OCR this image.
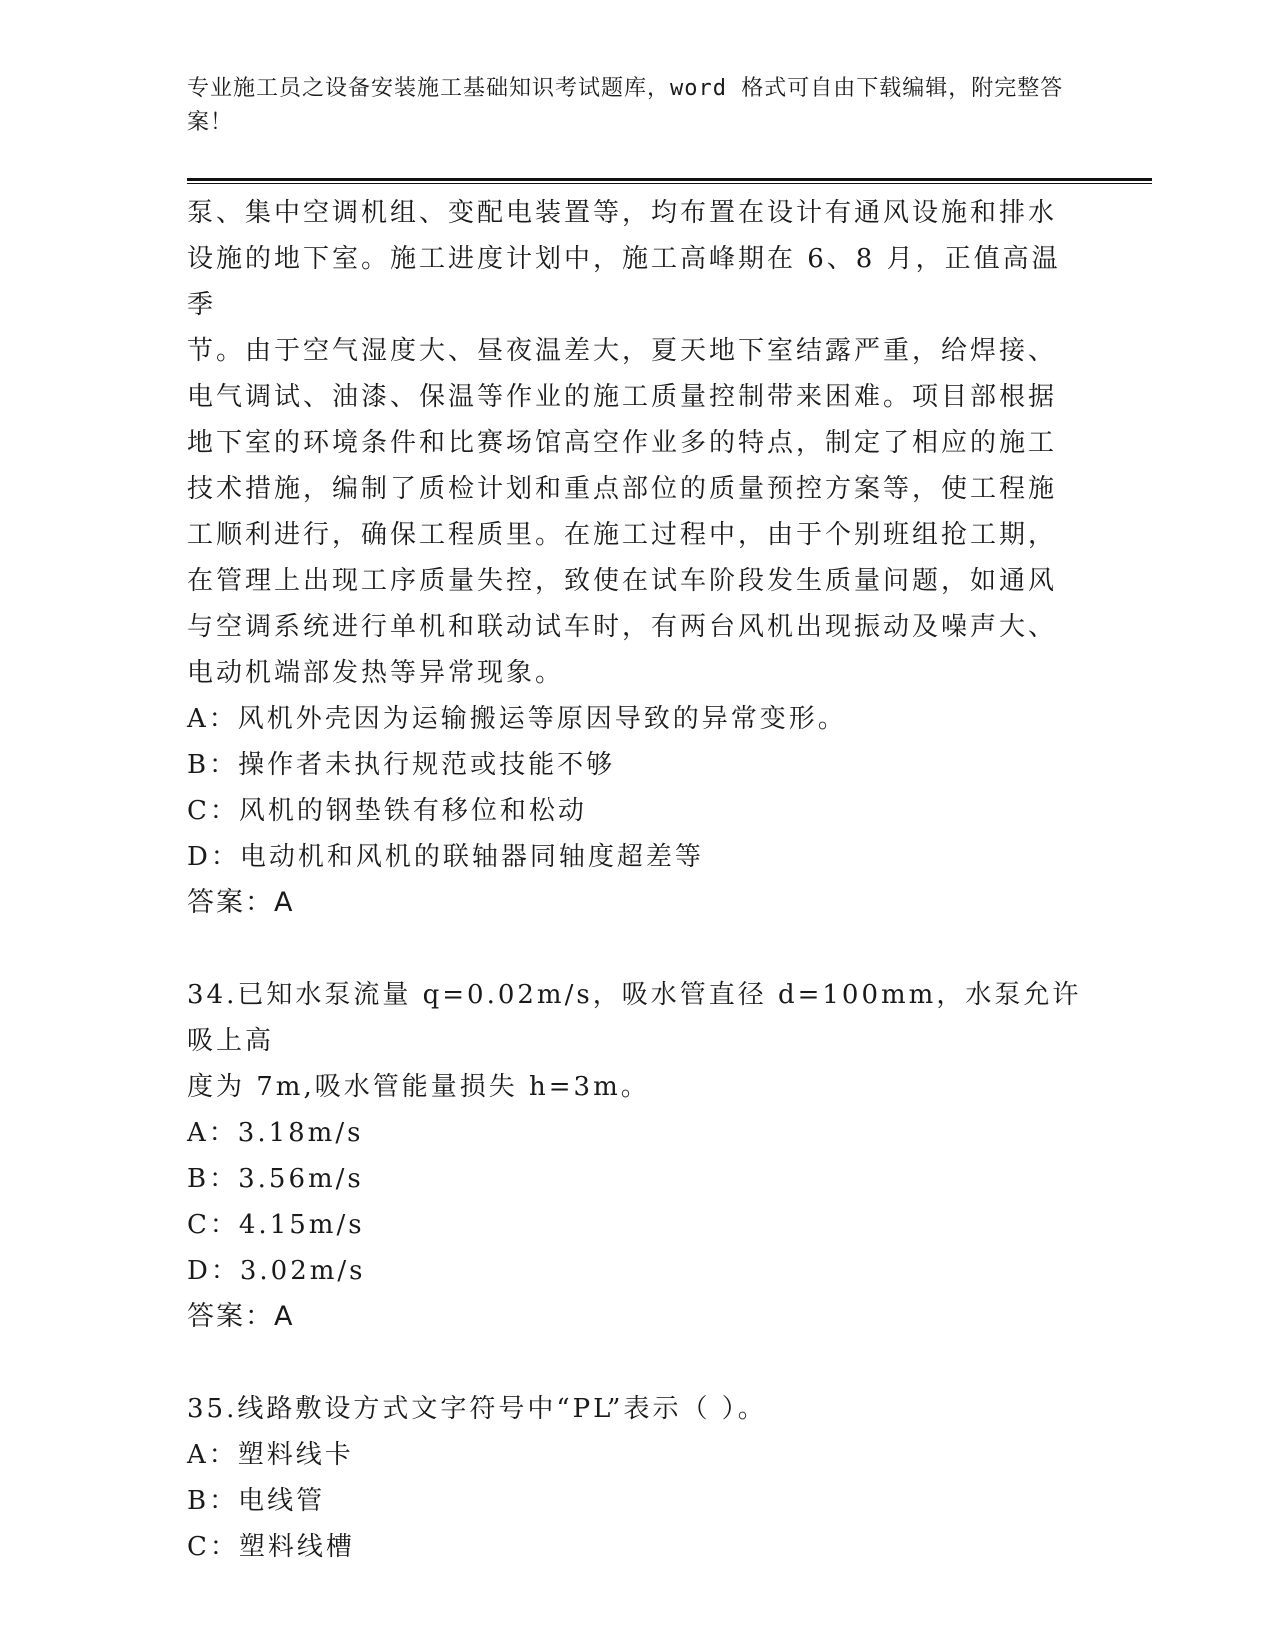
专业施工员之设备安装施工基础知识考试题库，word 格式可自由下载编辑，附完整答案！

泵、集中空调机组、变配电装置等，均布置在设计有通风设施和排水

设施的地下室。施工进度计划中，施工高峰期在 6、8 月，正值高温季

节。由于空气湿度大、昼夜温差大，夏天地下室结露严重，给焊接、

电气调试、油漆、保温等作业的施工质量控制带来困难。项目部根据

地下室的环境条件和比赛场馆高空作业多的特点，制定了相应的施工

技术措施，编制了质检计划和重点部位的质量预控方案等，使工程施

工顺利进行，确保工程质里。在施工过程中，由于个别班组抢工期，

在管理上出现工序质量失控，致使在试车阶段发生质量问题，如通风

与空调系统进行单机和联动试车时，有两台风机出现振动及噪声大、

电动机端部发热等异常现象。

A：风机外壳因为运输搬运等原因导致的异常变形。

B：操作者未执行规范或技能不够

C：风机的钢垫铁有移位和松动

D：电动机和风机的联轴器同轴度超差等

答案：A

34.已知水泵流量 q=0.02m/s，吸水管直径 d=100mm，水泵允许吸上高

度为 7m,吸水管能量损失 h=3m。

A：3.18m/s

B：3.56m/s

C：4.15m/s

D：3.02m/s

答案：A

35.线路敷设方式文字符号中“PL”表示（ ）。

A：塑料线卡

B：电线管

C：塑料线槽
